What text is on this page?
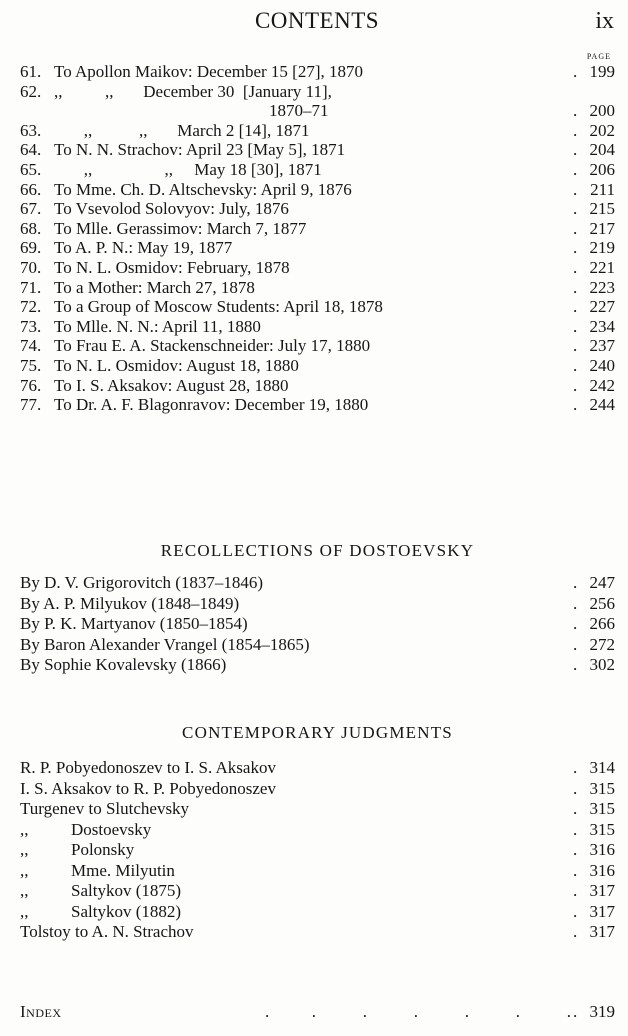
CONTENTS	ix
PAGE
61. To Apollon Maikov: December 15 [27], 1870	. 199
62. ,,          ,,       December 30  [January 11],
1870–71	. 200
63.       ,,           ,,       March 2 [14], 1871	. 202
64. To N. N. Strachov: April 23 [May 5], 1871	. 204
65.       ,,                 ,,     May 18 [30], 1871	. 206
66. To Mme. Ch. D. Altschevsky: April 9, 1876	. 211
67. To Vsevolod Solovyov: July, 1876	. 215
68. To Mlle. Gerassimov: March 7, 1877	. 217
69. To A. P. N.: May 19, 1877	. 219
70. To N. L. Osmidov: February, 1878	. 221
71. To a Mother: March 27, 1878	. 223
72. To a Group of Moscow Students: April 18, 1878	. 227
73. To Mlle. N. N.: April 11, 1880	. 234
74. To Frau E. A. Stackenschneider: July 17, 1880	. 237
75. To N. L. Osmidov: August 18, 1880	. 240
76. To I. S. Aksakov: August 28, 1880	. 242
77. To Dr. A. F. Blagonravov: December 19, 1880	. 244
RECOLLECTIONS OF DOSTOEVSKY
By D. V. Grigorovitch (1837–1846)	. 247
By A. P. Milyukov (1848–1849)	. 256
By P. K. Martyanov (1850–1854)	. 266
By Baron Alexander Vrangel (1854–1865)	. 272
By Sophie Kovalevsky (1866)	. 302
CONTEMPORARY JUDGMENTS
R. P. Pobyedonoszev to I. S. Aksakov	. 314
I. S. Aksakov to R. P. Pobyedonoszev	. 315
Turgenev to Slutchevsky	. 315
,,          Dostoevsky	. 315
,,          Polonsky	. 316
,,          Mme. Milyutin	. 316
,,          Saltykov (1875)	. 317
,,          Saltykov (1882)	. 317
Tolstoy to A. N. Strachov	. 317
Index	.          .           .           .           .           .           .	. 319
